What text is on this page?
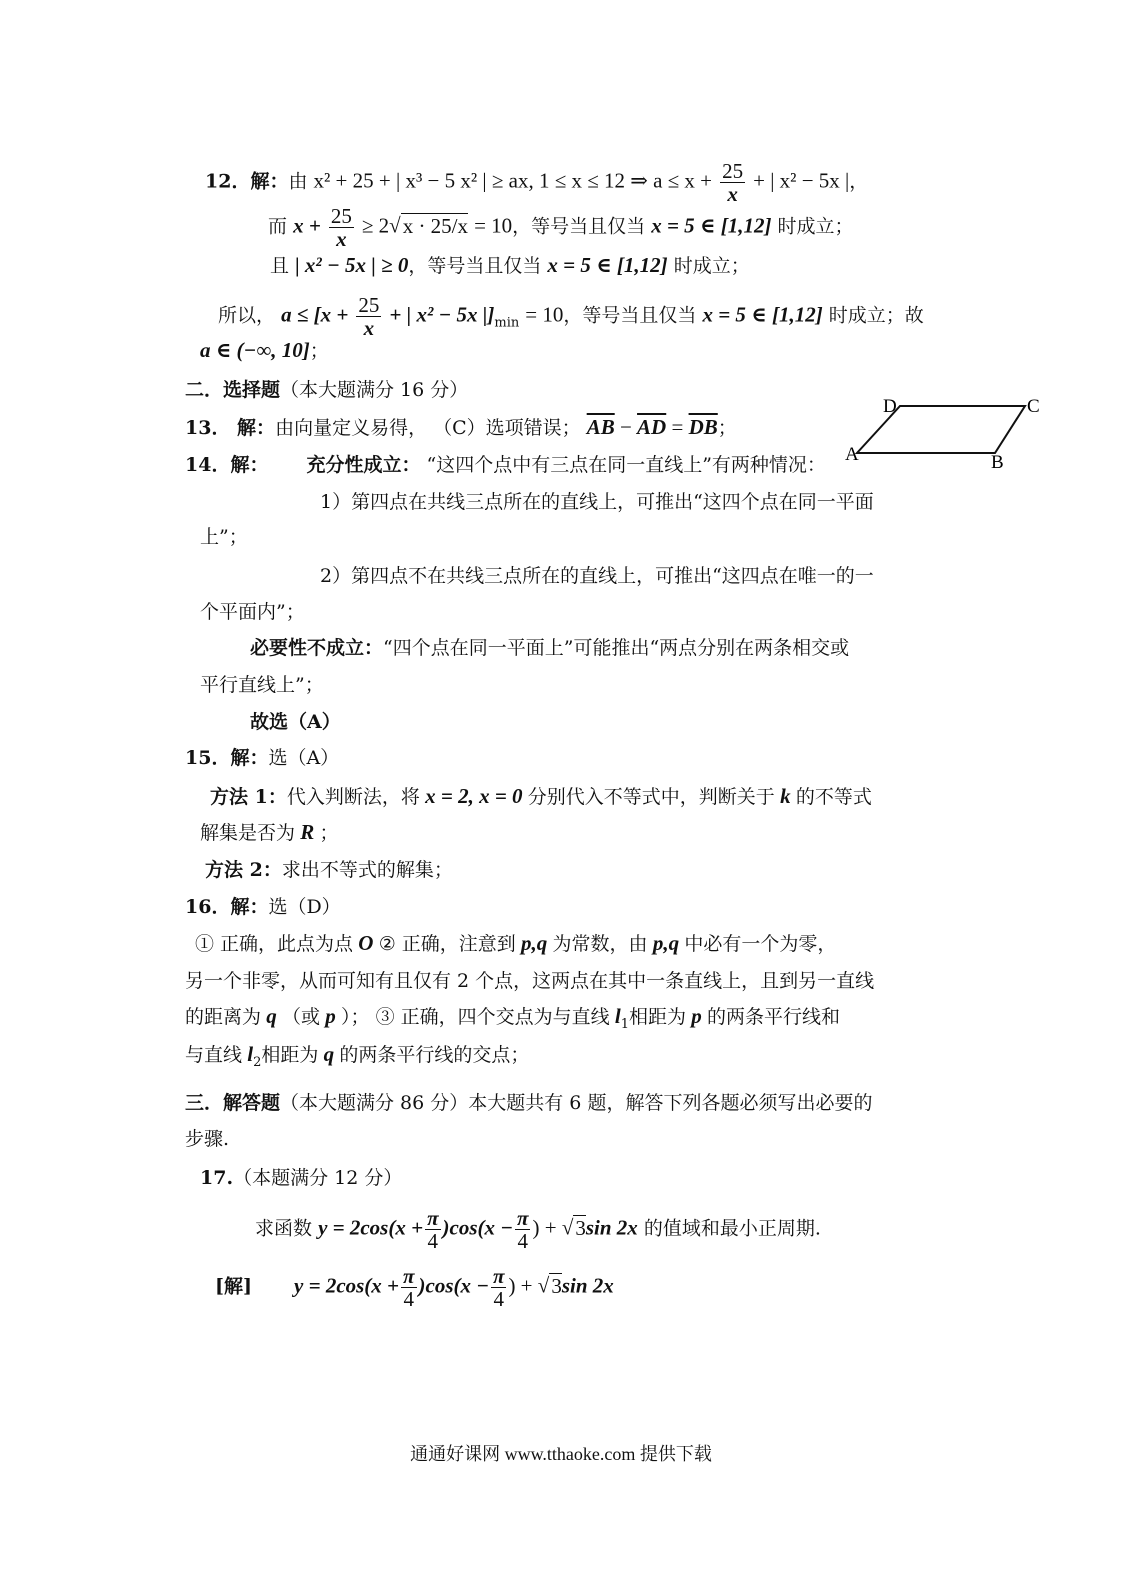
12．解：由 x² + 25 + | x³ − 5 x² | ≥ ax, 1 ≤ x ≤ 12 ⇒ $a \le x + \frac{25}{x}$ + | x² − 5x |，
而 $x + \frac{25}{x} \ge 2√x \cdot 25/x = 10$，等号当且仅当 x = 5 ∈ [1,12] 时成立；
且 | x² − 5x | ≥ 0，等号当且仅当 x = 5 ∈ [1,12] 时成立；
所以， $a \le [x + \frac{25}{x}$ + | x² − 5x $|]_{min} = 10$，等号当且仅当 x = 5 ∈ [1,12] 时成立；故
a ∈ (−∞, 10]；
二．选择题（本大题满分 16 分）
13． 解：由向量定义易得， （C）选项错误； $\overline{AB} - \overline{AD} = \overline{DB}$；
D	C
B
A
14．解： 充分性成立： “这四个点中有三点在同一直线上”有两种情况：
1）第四点在共线三点所在的直线上，可推出“这四个点在同一平面
上”；
2）第四点不在共线三点所在的直线上，可推出“这四点在唯一的一
个平面内”；
必要性不成立：“四个点在同一平面上”可能推出“两点分别在两条相交或
平行直线上”；
故选（A）
15．解：选（A）
方法 1：代入判断法，将 x = 2, x = 0 分别代入不等式中，判断关于 k 的不等式
解集是否为 R ；
方法 2：求出不等式的解集；
16．解：选（D）
① 正确，此点为点 O ② 正确，注意到 p,q 为常数，由 p,q 中必有一个为零，
另一个非零，从而可知有且仅有 2 个点，这两点在其中一条直线上，且到另一直线
的距离为 q （或 p ）； ③ 正确，四个交点为与直线 $l_1$相距为 p 的两条平行线和
与直线 $l_2$相距为 q 的两条平行线的交点；
三．解答题（本大题满分 86 分）本大题共有 6 题，解答下列各题必须写出必要的
步骤.
17.（本题满分 12 分）
求函数 $y = 2\cos(x + \frac{\pi}{4} )\cos(x - \frac{\pi}{4}$ ) + √3sin 2x 的值域和最小正周期.
[解] $y = 2\cos(x + \frac{\pi}{4} )\cos(x - \frac{\pi}{4}$ ) + √3sin 2x
通通好课网 www.tthaoke.com 提供下载
